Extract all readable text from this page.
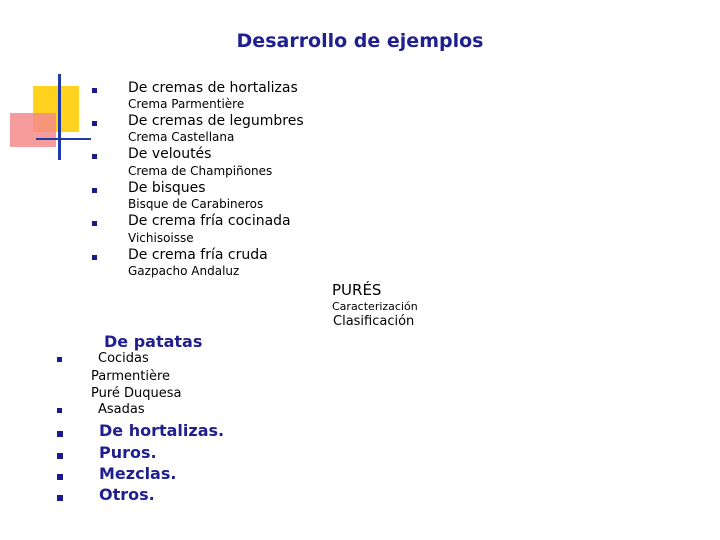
Desarrollo de ejemplos
De cremas de hortalizas
Crema Parmentière
De cremas de legumbres
Crema Castellana
De veloutés
Crema de Champiñones
De bisques
Bisque de Carabineros
De crema fría cocinada
Vichisoisse
De crema fría cruda
Gazpacho Andaluz
PURÉS
Caracterización
Clasificación
De patatas
Cocidas
Parmentière
Puré Duquesa
Asadas
De hortalizas.
Puros.
Mezclas.
Otros.
